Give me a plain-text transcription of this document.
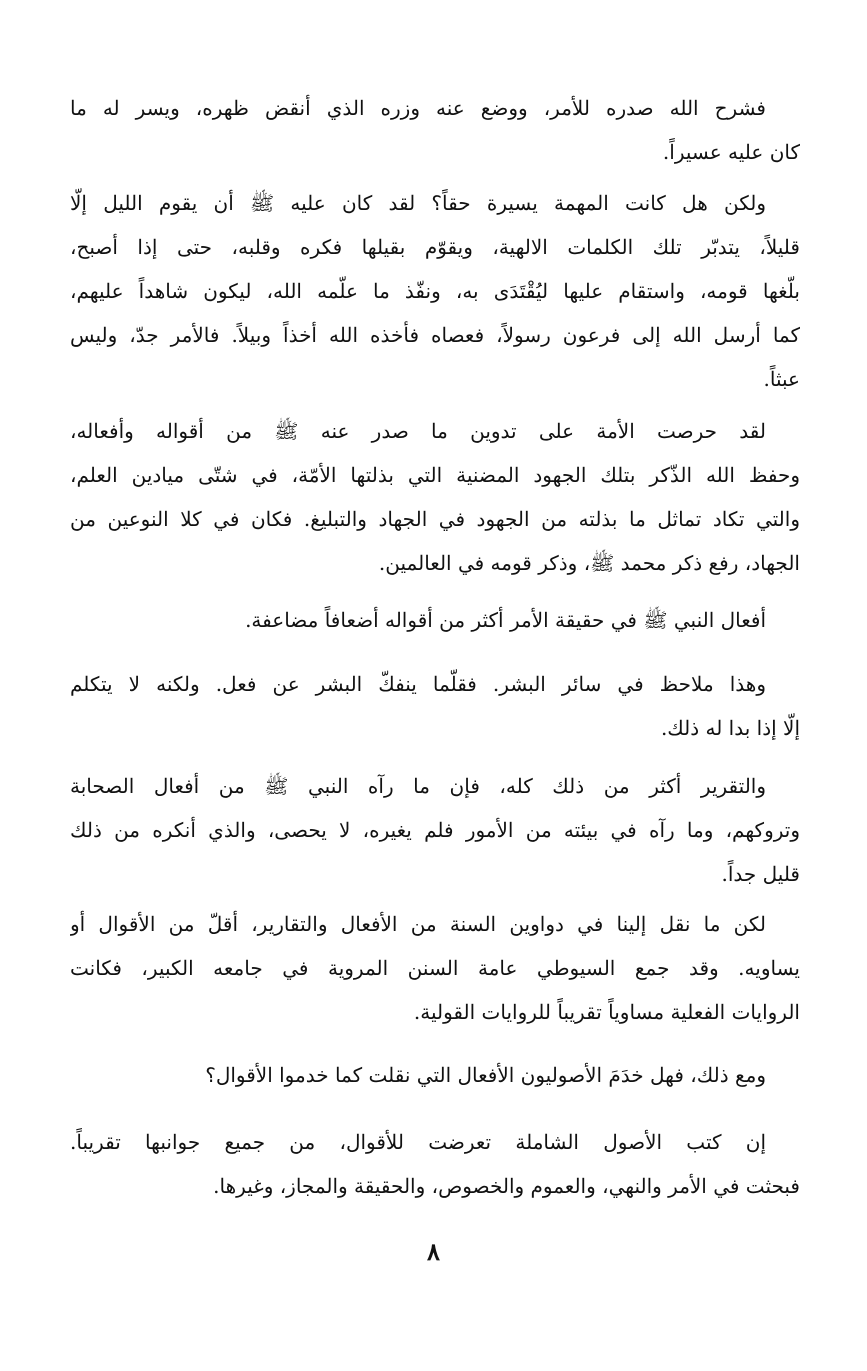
فشرح الله صدره للأمر، ووضع عنه وزره الذي أنقض ظهره، ويسر له ما
كان عليه عسيراً.
ولكن هل كانت المهمة يسيرة حقاً؟ لقد كان عليه ﷺ أن يقوم الليل إلّا
قليلاً، يتدبّر تلك الكلمات الالهية، ويقوّم بقيلها فكره وقلبه، حتى إذا أصبح،
بلّغها قومه، واستقام عليها ليُقْتَدَى به، ونفّذ ما علّمه الله، ليكون شاهداً عليهم،
كما أرسل الله إلى فرعون رسولاً، فعصاه فأخذه الله أخذاً وبيلاً. فالأمر جدّ، وليس
عبثاً.
لقد حرصت الأمة على تدوين ما صدر عنه ﷺ من أقواله وأفعاله،
وحفظ الله الذّكر بتلك الجهود المضنية التي بذلتها الأمّة، في شتّى ميادين العلم،
والتي تكاد تماثل ما بذلته من الجهود في الجهاد والتبليغ. فكان في كلا النوعين من
الجهاد، رفع ذكر محمد ﷺ، وذكر قومه في العالمين.
أفعال النبي ﷺ في حقيقة الأمر أكثر من أقواله أضعافاً مضاعفة.
وهذا ملاحظ في سائر البشر. فقلّما ينفكّ البشر عن فعل. ولكنه لا يتكلم
إلّا إذا بدا له ذلك.
والتقرير أكثر من ذلك كله، فإن ما رآه النبي ﷺ من أفعال الصحابة
وتروكهم، وما رآه في بيئته من الأمور فلم يغيره، لا يحصى، والذي أنكره من ذلك
قليل جداً.
لكن ما نقل إلينا في دواوين السنة من الأفعال والتقارير، أقلّ من الأقوال أو
يساويه. وقد جمع السيوطي عامة السنن المروية في جامعه الكبير، فكانت
الروايات الفعلية مساوياً تقريباً للروايات القولية.
ومع ذلك، فهل خدَمَ الأصوليون الأفعال التي نقلت كما خدموا الأقوال؟
إن كتب الأصول الشاملة تعرضت للأقوال، من جميع جوانبها تقريباً.
فبحثت في الأمر والنهي، والعموم والخصوص، والحقيقة والمجاز، وغيرها.
٨
